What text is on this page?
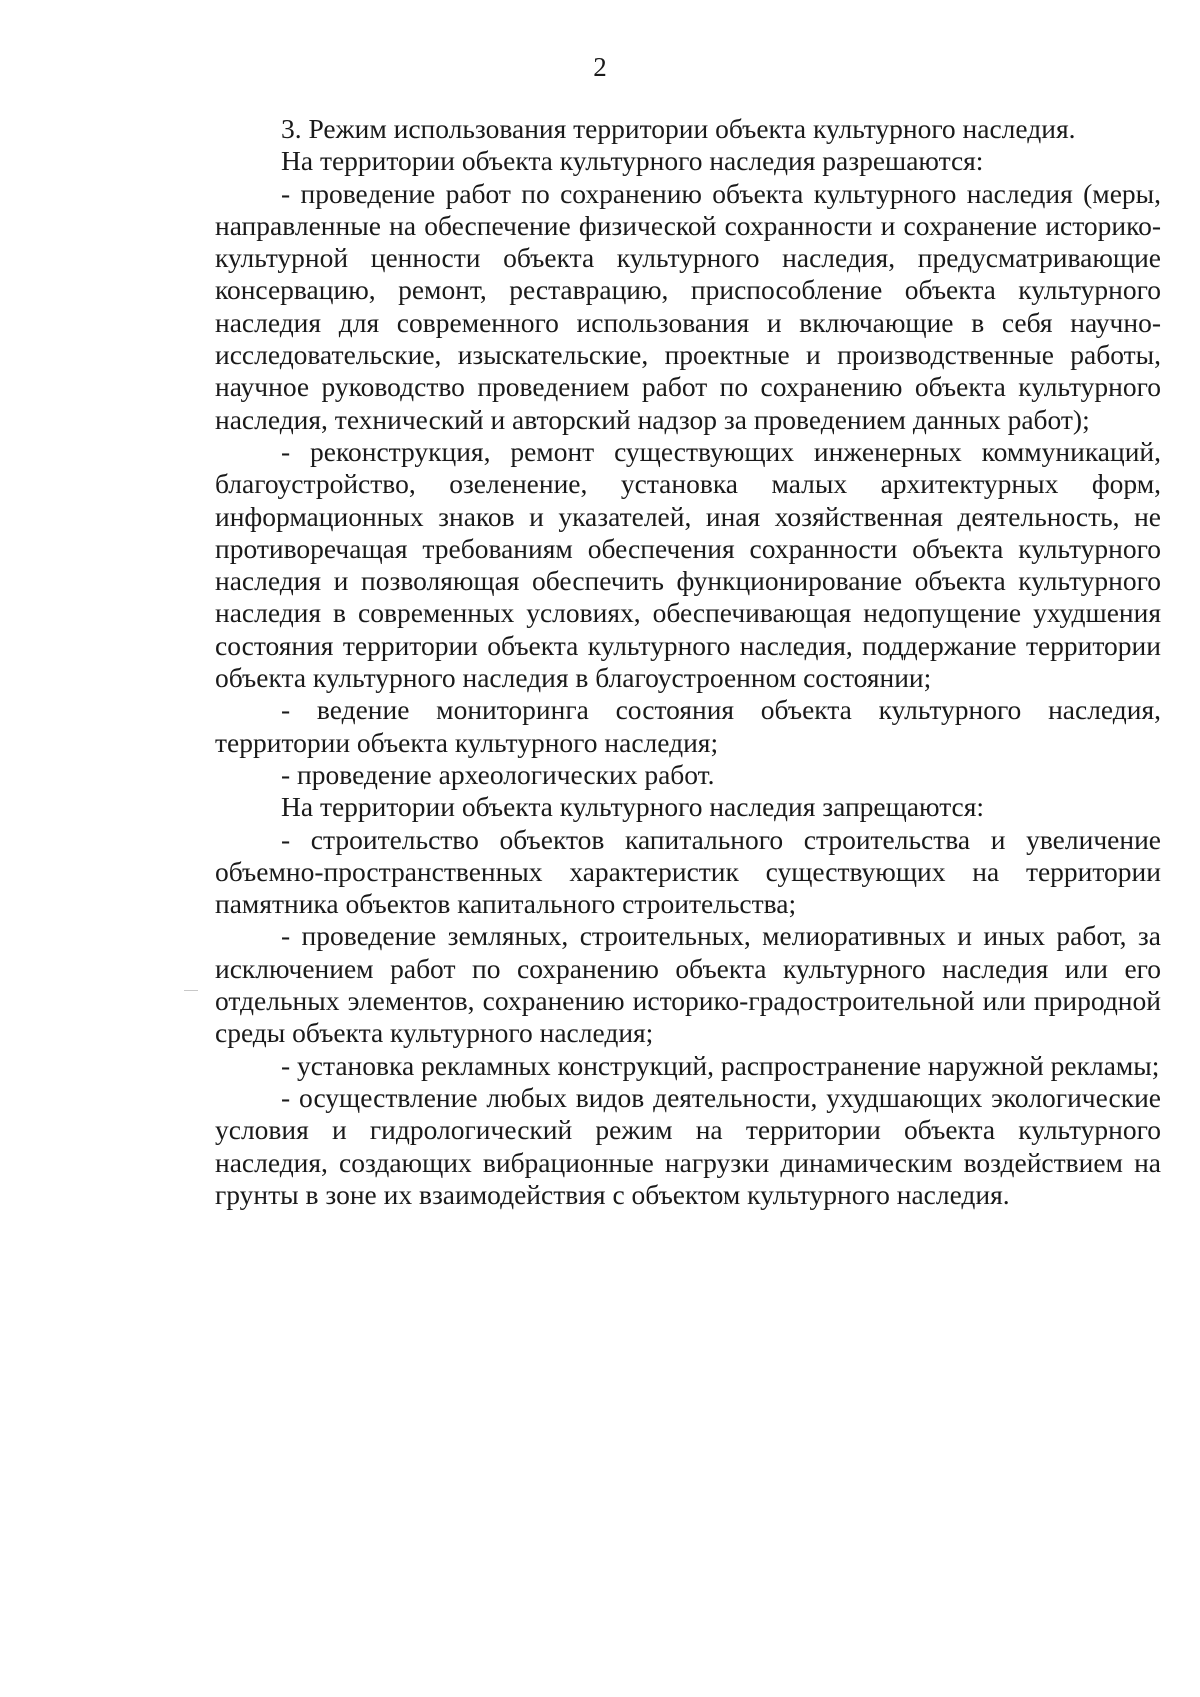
2

3. Режим использования территории объекта культурного наследия.

На территории объекта культурного наследия разрешаются:

- проведение работ по сохранению объекта культурного наследия (меры, направленные на обеспечение физической сохранности и сохранение историко-культурной ценности объекта культурного наследия, предусматривающие консервацию, ремонт, реставрацию, приспособление объекта культурного наследия для современного использования и включающие в себя научно-исследовательские, изыскательские, проектные и производственные работы, научное руководство проведением работ по сохранению объекта культурного наследия, технический и авторский надзор за проведением данных работ);

- реконструкция, ремонт существующих инженерных коммуникаций, благоустройство, озеленение, установка малых архитектурных форм, информационных знаков и указателей, иная хозяйственная деятельность, не противоречащая требованиям обеспечения сохранности объекта культурного наследия и позволяющая обеспечить функционирование объекта культурного наследия в современных условиях, обеспечивающая недопущение ухудшения состояния территории объекта культурного наследия, поддержание территории объекта культурного наследия в благоустроенном состоянии;

- ведение мониторинга состояния объекта культурного наследия, территории объекта культурного наследия;

- проведение археологических работ.

На территории объекта культурного наследия запрещаются:

- строительство объектов капитального строительства и увеличение объемно-пространственных характеристик существующих на территории памятника объектов капитального строительства;

- проведение земляных, строительных, мелиоративных и иных работ, за исключением работ по сохранению объекта культурного наследия или его отдельных элементов, сохранению историко-градостроительной или природной среды объекта культурного наследия;

- установка рекламных конструкций, распространение наружной рекламы;

- осуществление любых видов деятельности, ухудшающих экологические условия и гидрологический режим на территории объекта культурного наследия, создающих вибрационные нагрузки динамическим воздействием на грунты в зоне их взаимодействия с объектом культурного наследия.
